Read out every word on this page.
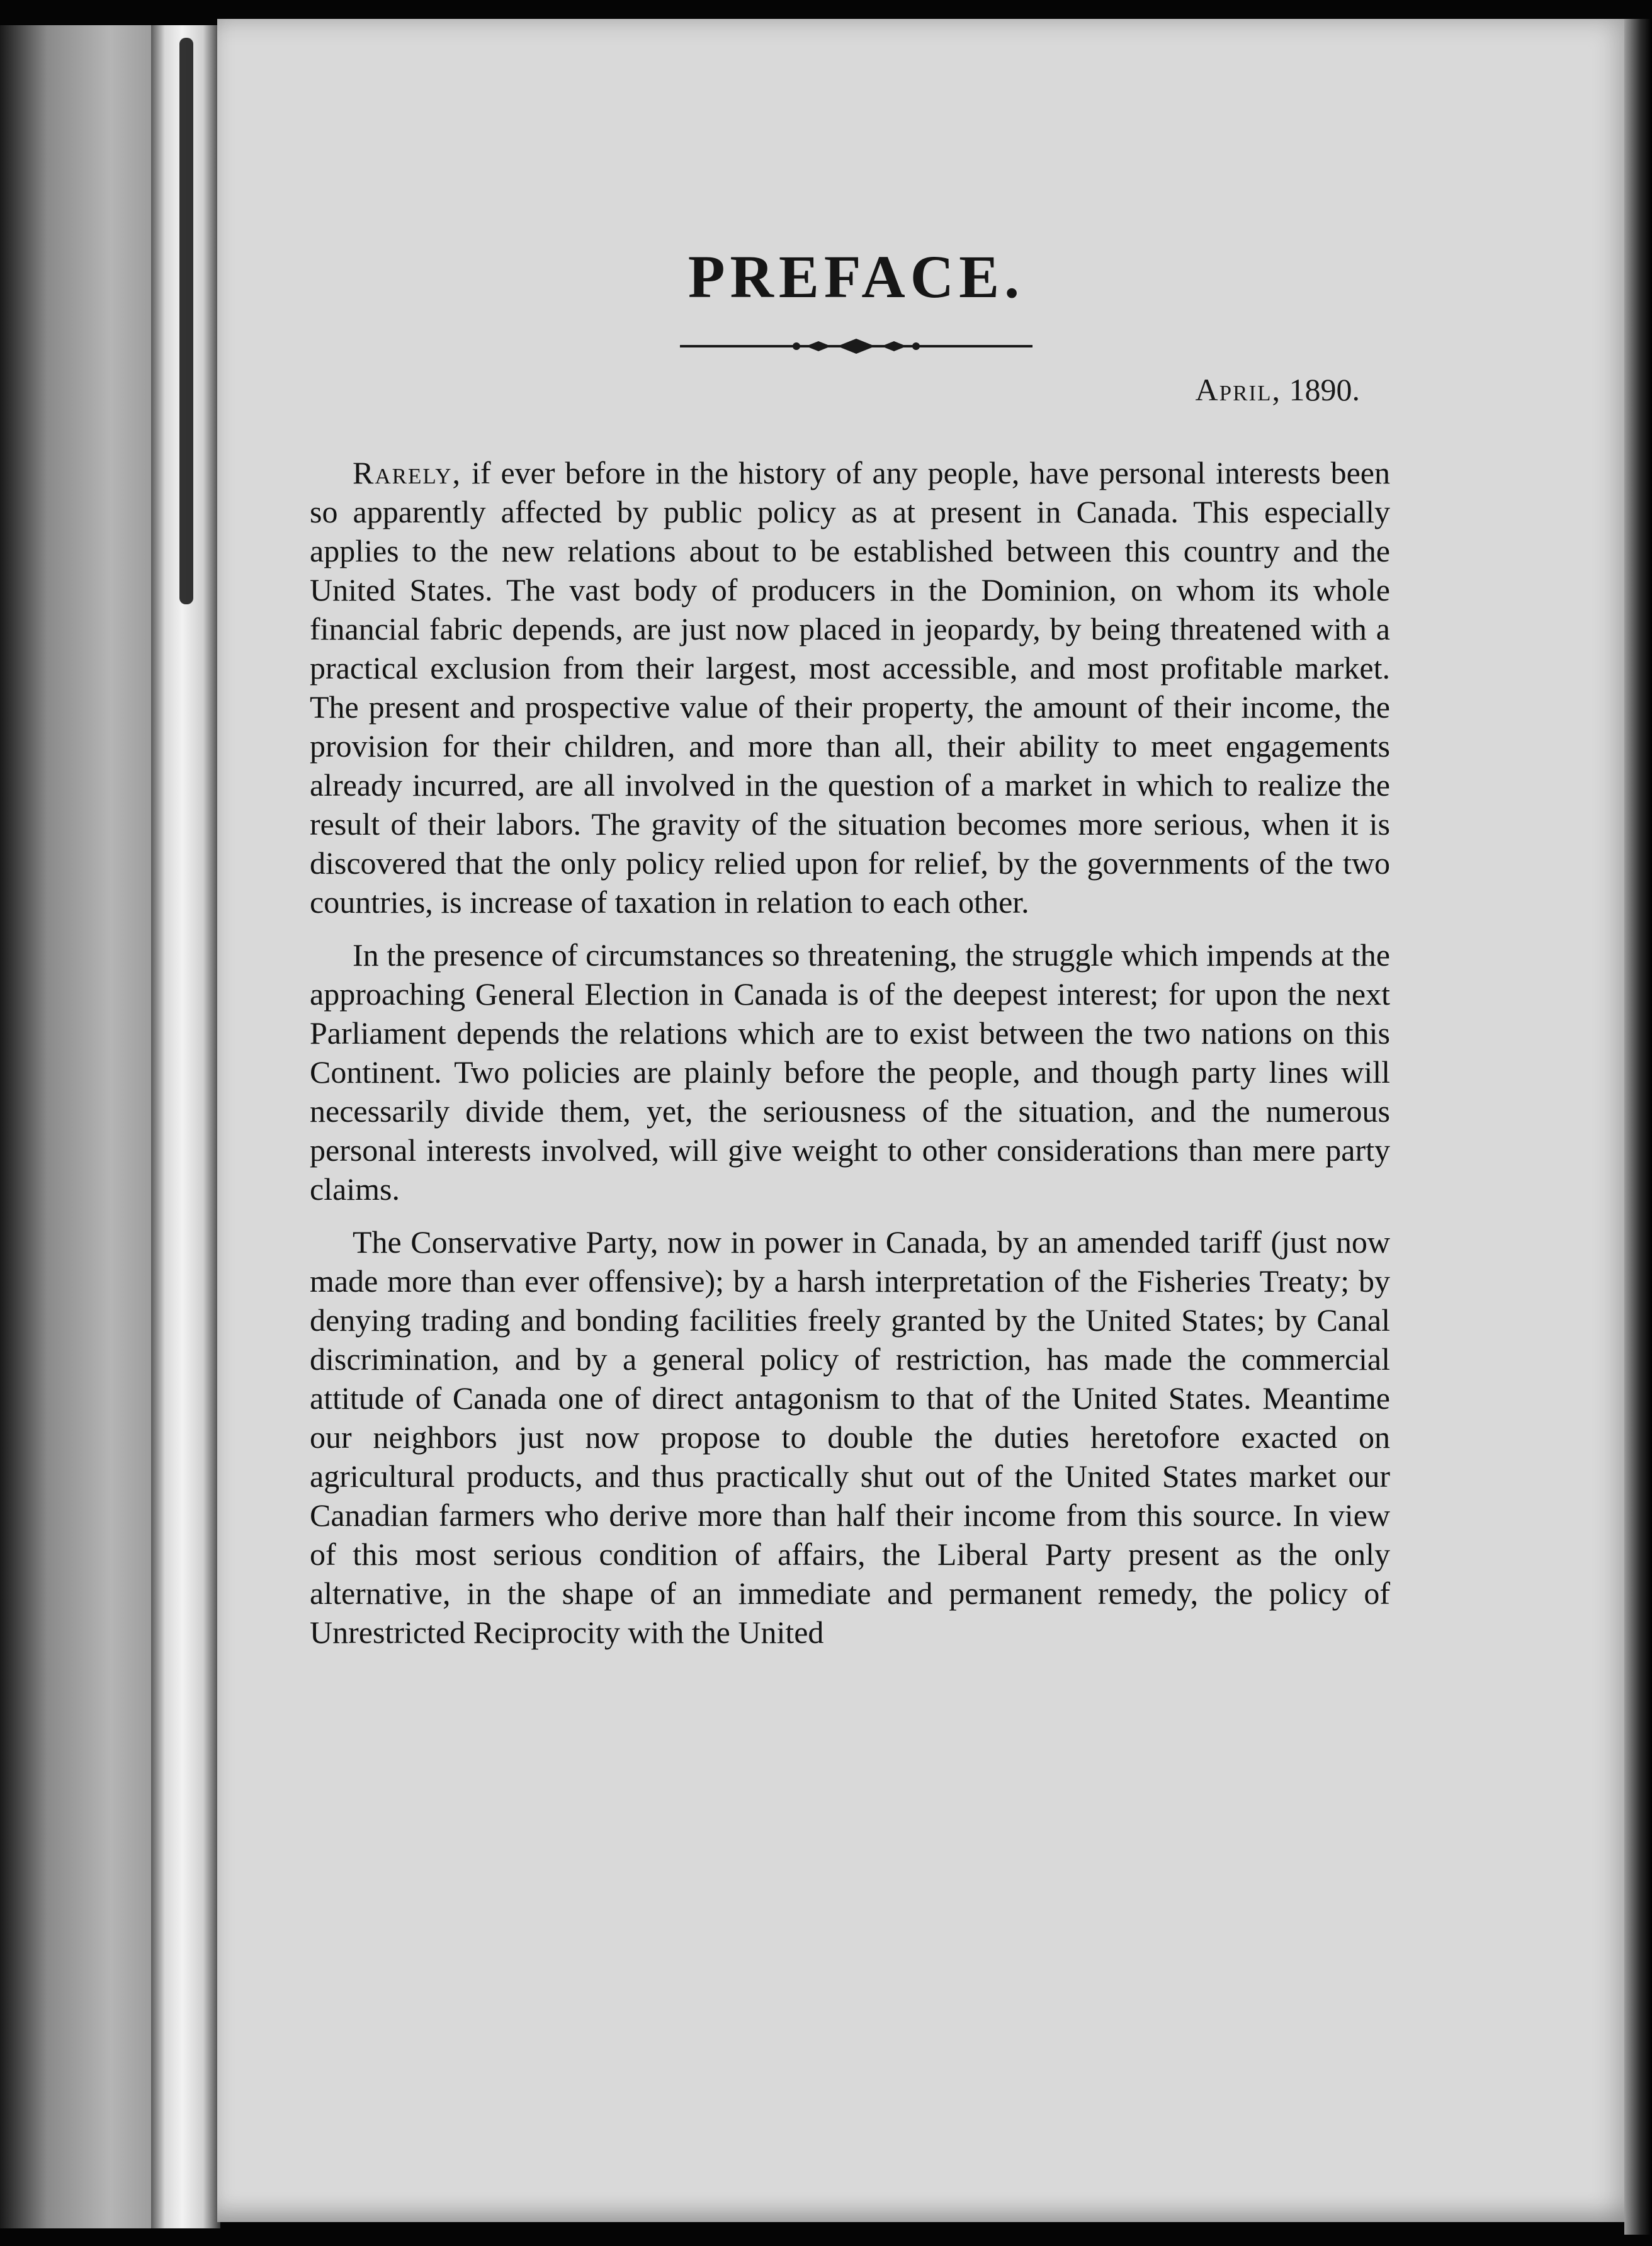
PREFACE.
April, 1890.

Rarely, if ever before in the history of any people, have personal interests been so apparently affected by public policy as at present in Canada. This especially applies to the new relations about to be established between this country and the United States. The vast body of producers in the Dominion, on whom its whole financial fabric depends, are just now placed in jeopardy, by being threatened with a practical exclusion from their largest, most accessible, and most profitable market. The present and prospective value of their property, the amount of their income, the provision for their children, and more than all, their ability to meet engagements already incurred, are all involved in the question of a market in which to realize the result of their labors. The gravity of the situation becomes more serious, when it is discovered that the only policy relied upon for relief, by the governments of the two countries, is increase of taxation in relation to each other.

In the presence of circumstances so threatening, the struggle which impends at the approaching General Election in Canada is of the deepest interest; for upon the next Parliament depends the relations which are to exist between the two nations on this Continent. Two policies are plainly before the people, and though party lines will necessarily divide them, yet, the seriousness of the situation, and the numerous personal interests involved, will give weight to other considerations than mere party claims.

The Conservative Party, now in power in Canada, by an amended tariff (just now made more than ever offensive); by a harsh interpretation of the Fisheries Treaty; by denying trading and bonding facilities freely granted by the United States; by Canal discrimination, and by a general policy of restriction, has made the commercial attitude of Canada one of direct antagonism to that of the United States. Meantime our neighbors just now propose to double the duties heretofore exacted on agricultural products, and thus practically shut out of the United States market our Canadian farmers who derive more than half their income from this source. In view of this most serious condition of affairs, the Liberal Party present as the only alternative, in the shape of an immediate and permanent remedy, the policy of Unrestricted Reciprocity with the United
